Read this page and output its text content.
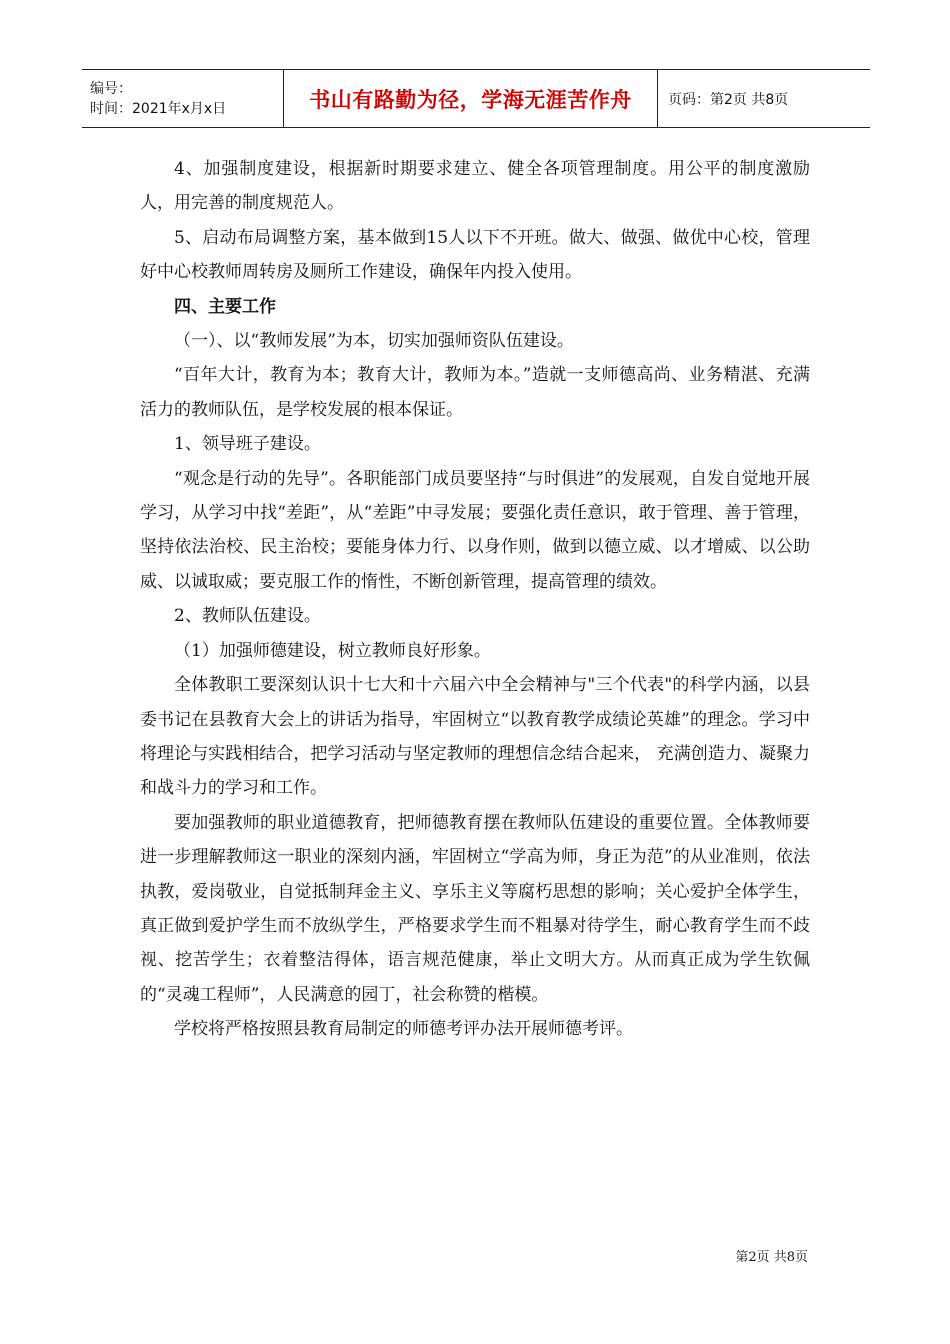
编号：
时间：2021年x月x日	书山有路勤为径，学海无涯苦作舟	页码：第2页 共8页

4、加强制度建设，根据新时期要求建立、健全各项管理制度。用公平的制度激励人，用完善的制度规范人。

5、启动布局调整方案，基本做到15人以下不开班。做大、做强、做优中心校，管理好中心校教师周转房及厕所工作建设，确保年内投入使用。

四、主要工作

（一）、以“教师发展”为本，切实加强师资队伍建设。

“百年大计，教育为本；教育大计，教师为本。”造就一支师德高尚、业务精湛、充满活力的教师队伍，是学校发展的根本保证。

1、领导班子建设。

“观念是行动的先导”。各职能部门成员要坚持“与时俱进”的发展观，自发自觉地开展学习，从学习中找“差距”，从“差距”中寻发展；要强化责任意识，敢于管理、善于管理，坚持依法治校、民主治校；要能身体力行、以身作则，做到以德立威、以才增威、以公助威、以诚取威；要克服工作的惰性，不断创新管理，提高管理的绩效。

2、教师队伍建设。

（1）加强师德建设，树立教师良好形象。

全体教职工要深刻认识十七大和十六届六中全会精神与"三个代表"的科学内涵，以县委书记在县教育大会上的讲话为指导，牢固树立“以教育教学成绩论英雄”的理念。学习中将理论与实践相结合，把学习活动与坚定教师的理想信念结合起来， 充满创造力、凝聚力和战斗力的学习和工作。

要加强教师的职业道德教育，把师德教育摆在教师队伍建设的重要位置。全体教师要进一步理解教师这一职业的深刻内涵，牢固树立“学高为师，身正为范”的从业准则，依法执教，爱岗敬业，自觉抵制拜金主义、享乐主义等腐朽思想的影响；关心爱护全体学生，真正做到爱护学生而不放纵学生，严格要求学生而不粗暴对待学生，耐心教育学生而不歧视、挖苦学生；衣着整洁得体，语言规范健康，举止文明大方。从而真正成为学生钦佩的“灵魂工程师”，人民满意的园丁，社会称赞的楷模。

学校将严格按照县教育局制定的师德考评办法开展师德考评。

第2页 共8页
